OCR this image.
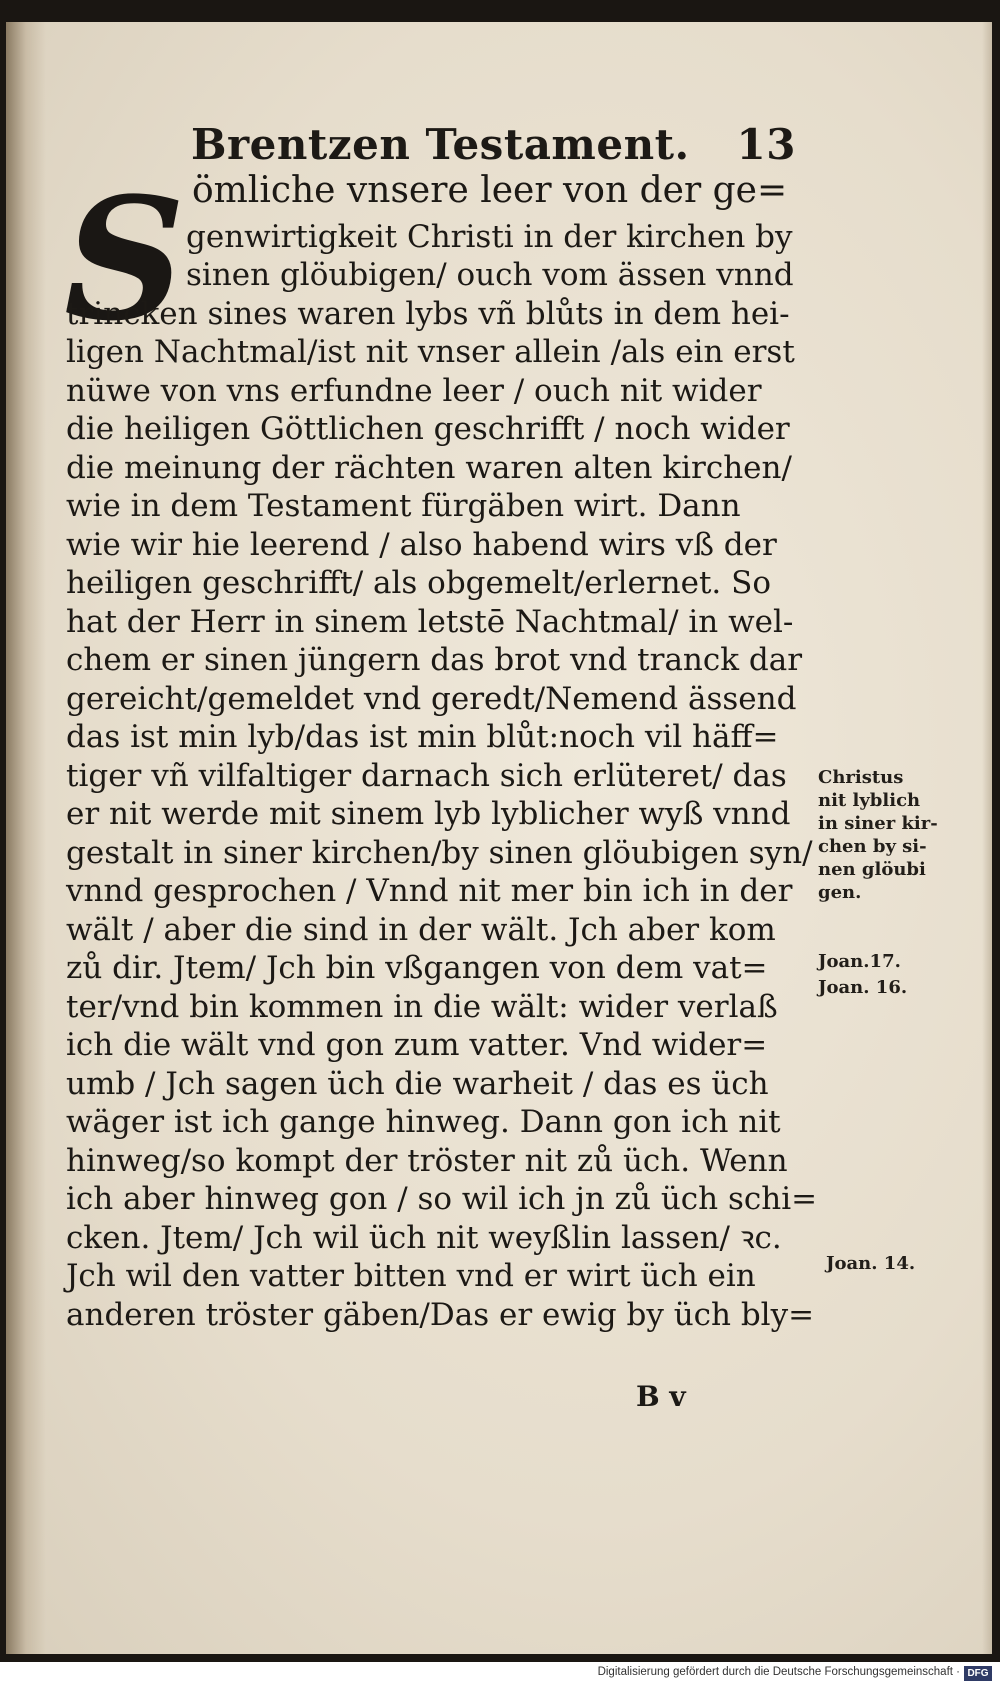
Brentzen Testament. 13
S ömliche vnsere leer von der ge=
genwirtigkeit Christi in der kirchen by
sinen glöubigen/ ouch vom ässen vnnd
trincken sines waren lybs vñ blůts in dem hei-
ligen Nachtmal/ist nit vnser allein /als ein erst
nüwe von vns erfundne leer / ouch nit wider
die heiligen Göttlichen geschrifft / noch wider
die meinung der rächten waren alten kirchen/
wie in dem Testament fürgäben wirt. Dann
wie wir hie leerend / also habend wirs vß der
heiligen geschrifft/ als obgemelt/erlernet. So
hat der Herr in sinem letstē Nachtmal/ in wel-
chem er sinen jüngern das brot vnd tranck dar
gereicht/gemeldet vnd geredt/Nemend ässend
das ist min lyb/das ist min blůt:noch vil häff=
tiger vñ vilfaltiger darnach sich erlüteret/ das
er nit werde mit sinem lyb lyblicher wyß vnnd
gestalt in siner kirchen/by sinen glöubigen syn/
vnnd gesprochen / Vnnd nit mer bin ich in der
wält / aber die sind in der wält. Jch aber kom
zů dir. Jtem/ Jch bin vßgangen von dem vat=
ter/vnd bin kommen in die wält: wider verlaß
ich die wält vnd gon zum vatter. Vnd wider=
umb / Jch sagen üch die warheit / das es üch
wäger ist ich gange hinweg. Dann gon ich nit
hinweg/so kompt der tröster nit zů üch. Wenn
ich aber hinweg gon / so wil ich jn zů üch schi=
cken. Jtem/ Jch wil üch nit weyßlin lassen/ ꝛc.
Jch wil den vatter bitten vnd er wirt üch ein
anderen tröster gäben/Das er ewig by üch bly=
Christus
nit lyblich
in siner kir-
chen by si-
nen glöubi
gen.
Joan.17.
Joan. 16.
Joan. 14.
B v
Digitalisierung gefördert durch die Deutsche Forschungsgemeinschaft · DFG
